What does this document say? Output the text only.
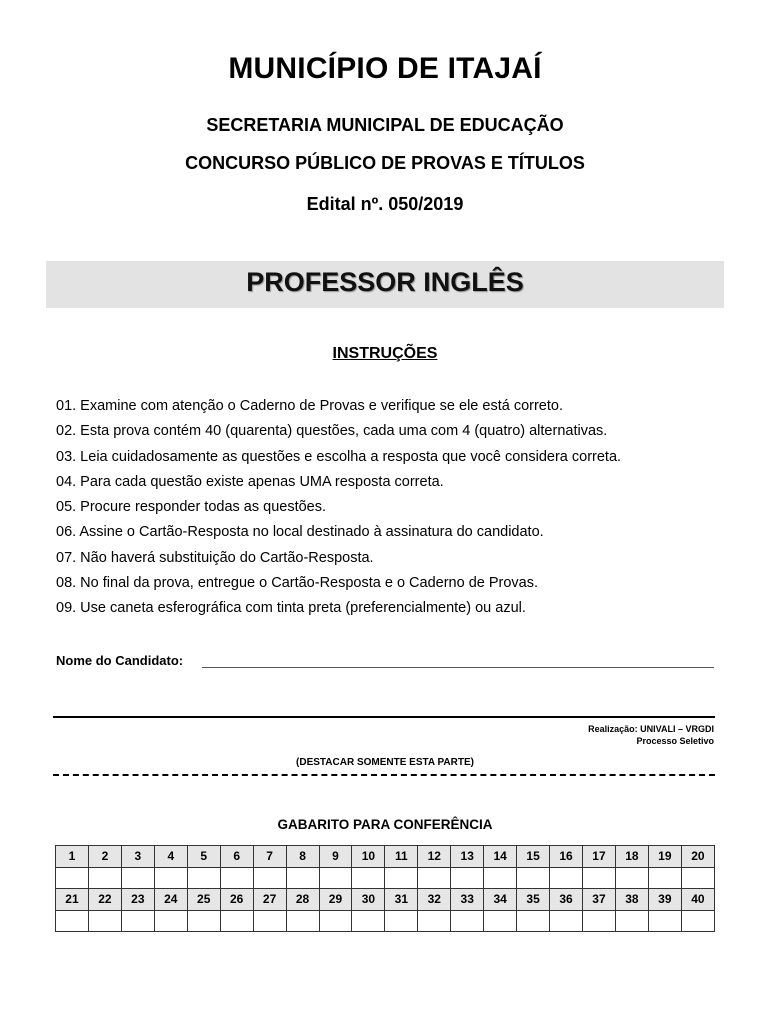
MUNICÍPIO DE ITAJAÍ
SECRETARIA MUNICIPAL DE EDUCAÇÃO
CONCURSO PÚBLICO DE PROVAS E TÍTULOS
Edital nº. 050/2019
PROFESSOR INGLÊS
INSTRUÇÕES
01. Examine com atenção o Caderno de Provas e verifique se ele está correto.
02. Esta prova contém 40 (quarenta) questões, cada uma com 4 (quatro) alternativas.
03. Leia cuidadosamente as questões e escolha a resposta que você considera correta.
04. Para cada questão existe apenas UMA resposta correta.
05. Procure responder todas as questões.
06. Assine o Cartão-Resposta no local destinado à assinatura do candidato.
07. Não haverá substituição do Cartão-Resposta.
08. No final da prova, entregue o Cartão-Resposta e o Caderno de Provas.
09. Use caneta esferográfica com tinta preta (preferencialmente) ou azul.
Nome do Candidato:
Realização: UNIVALI – VRGDI
Processo Seletivo
(DESTACAR SOMENTE ESTA PARTE)
GABARITO PARA CONFERÊNCIA
1	2	3	4	5	6	7	8	9	10	11	12	13	14	15	16	17	18	19	20

21	22	23	24	25	26	27	28	29	30	31	32	33	34	35	36	37	38	39	40
